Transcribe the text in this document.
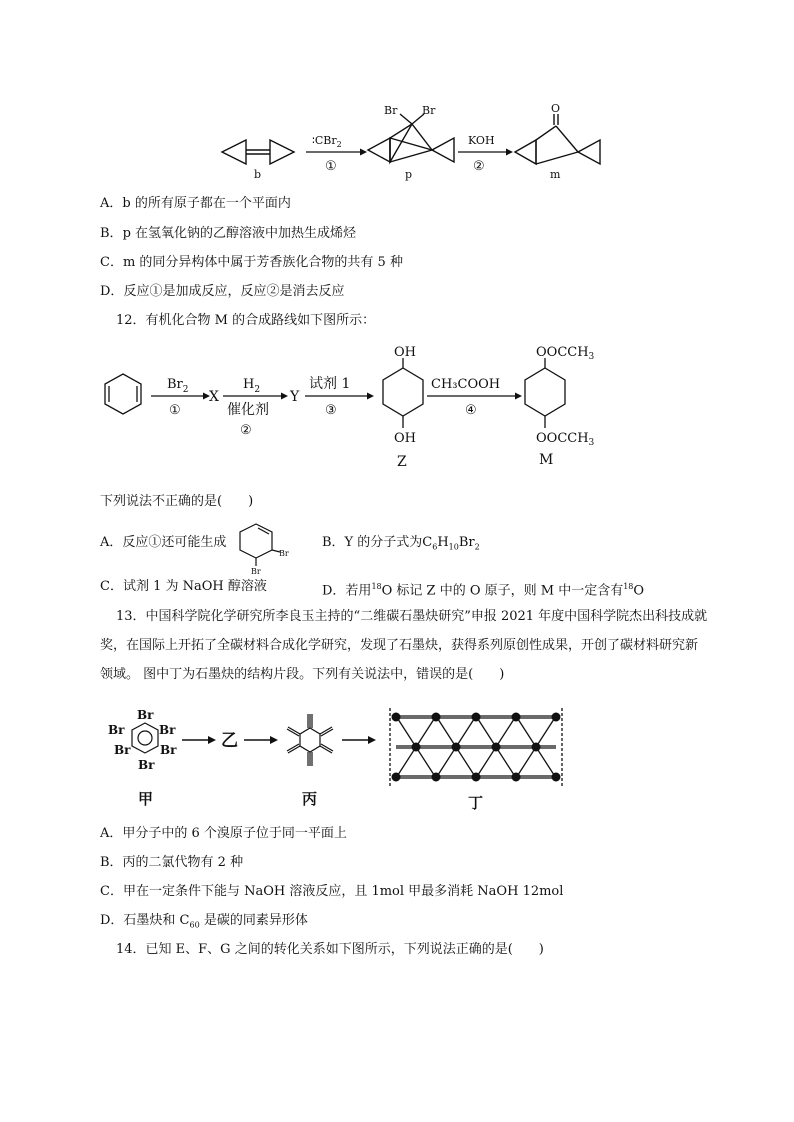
b
∶CBr$_2$
①
Br Br
p
KOH
②
O
m
A．b 的所有原子都在一个平面内
B．p 在氢氧化钠的乙醇溶液中加热生成烯烃
C．m 的同分异构体中属于芳香族化合物的共有 5 种
D．反应①是加成反应，反应②是消去反应
12．有机化合物 M 的合成路线如下图所示：
$Br_2$
①
X
$H_2$
催化剂
②
Y
试剂 1
③
OH
OH
Z
CH₃COOH
④
$OOCCH_3$
$OOCCH_3$
M
下列说法不正确的是(　　)
A．反应①还可能生成
Br
Br
B．Y 的分子式为$C_6H_{10}Br_2$
C．试剂 1 为 NaOH 醇溶液	D．若用$^{18}$O 标记 Z 中的 O 原子，则 M 中一定含有$^{18}$O
13．中国科学院化学研究所李良玉主持的“二维碳石墨炔研究”申报 2021 年度中国科学院杰出科技成就
奖，在国际上开拓了全碳材料合成化学研究，发现了石墨炔，获得系列原创性成果，开创了碳材料研究新
领域。 图中丁为石墨炔的结构片段。下列有关说法中，错误的是(　　)
Br
Br	Br
Br Br
Br
甲
乙
丙	丁
A．甲分子中的 6 个溴原子位于同一平面上
B．丙的二氯代物有 2 种
C．甲在一定条件下能与 NaOH 溶液反应，且 1mol 甲最多消耗 NaOH 12mol
D．石墨炔和 $C_{60}$ 是碳的同素异形体
14．已知 E、F、G 之间的转化关系如下图所示，下列说法正确的是(　　)
